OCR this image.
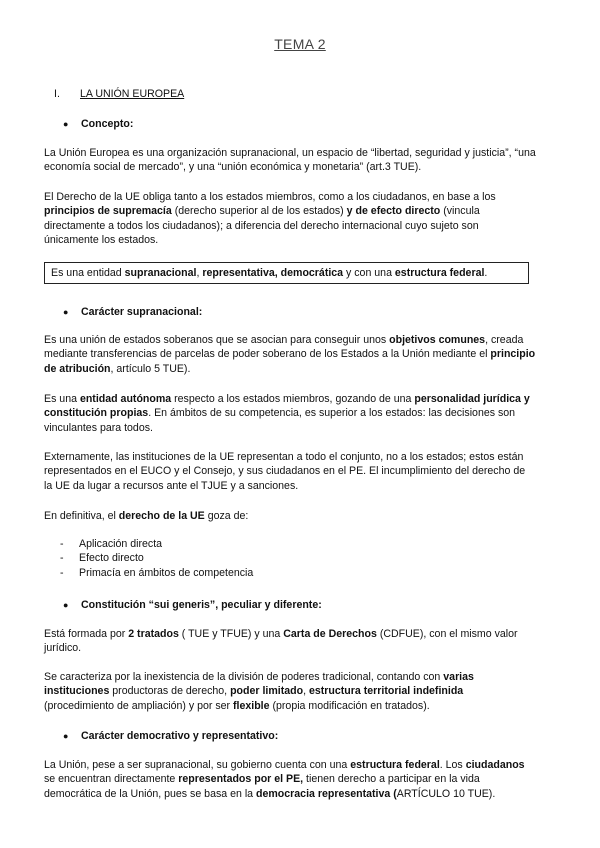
TEMA 2
I. LA UNIÓN EUROPEA
● Concepto:
La Unión Europea es una organización supranacional, un espacio de “libertad, seguridad y justicia”, “una
economía social de mercado”, y una “unión económica y monetaria” (art.3 TUE).
El Derecho de la UE obliga tanto a los estados miembros, como a los ciudadanos, en base a los
principios de supremacía (derecho superior al de los estados) y de efecto directo (vincula
directamente a todos los ciudadanos); a diferencia del derecho internacional cuyo sujeto son
únicamente los estados.
Es una entidad supranacional, representativa, democrática y con una estructura federal.
● Carácter supranacional:
Es una unión de estados soberanos que se asocian para conseguir unos objetivos comunes, creada
mediante transferencias de parcelas de poder soberano de los Estados a la Unión mediante el principio
de atribución, artículo 5 TUE).
Es una entidad autónoma respecto a los estados miembros, gozando de una personalidad jurídica y
constitución propias. En ámbitos de su competencia, es superior a los estados: las decisiones son
vinculantes para todos.
Externamente, las instituciones de la UE representan a todo el conjunto, no a los estados; estos están
representados en el EUCO y el Consejo, y sus ciudadanos en el PE. El incumplimiento del derecho de
la UE da lugar a recursos ante el TJUE y a sanciones.
En definitiva, el derecho de la UE goza de:
- Aplicación directa
- Efecto directo
- Primacía en ámbitos de competencia
● Constitución “sui generis”, peculiar y diferente:
Está formada por 2 tratados ( TUE y TFUE) y una Carta de Derechos (CDFUE), con el mismo valor
jurídico.
Se caracteriza por la inexistencia de la división de poderes tradicional, contando con varias
instituciones productoras de derecho, poder limitado, estructura territorial indefinida
(procedimiento de ampliación) y por ser flexible (propia modificación en tratados).
● Carácter democrativo y representativo:
La Unión, pese a ser supranacional, su gobierno cuenta con una estructura federal. Los ciudadanos
se encuentran directamente representados por el PE, tienen derecho a participar en la vida
democrática de la Unión, pues se basa en la democracia representativa (ARTÍCULO 10 TUE).
